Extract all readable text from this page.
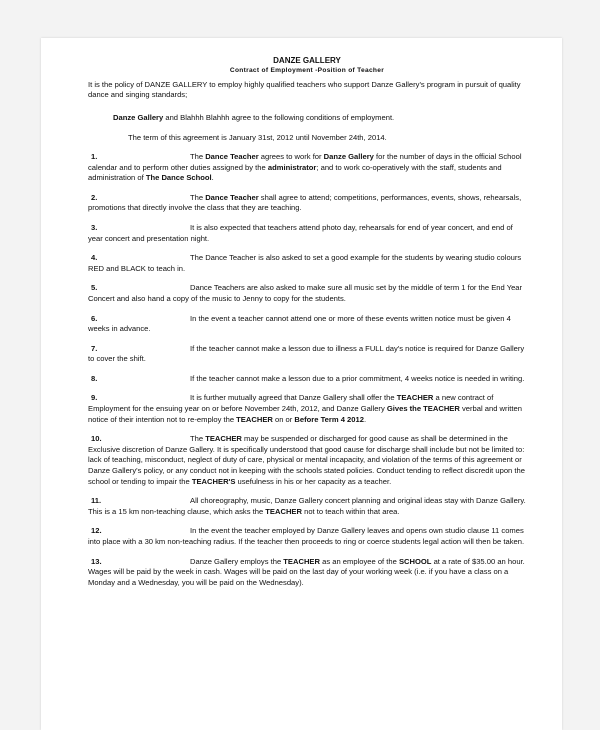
DANZE GALLERY

Contract of Employment -Position of Teacher

It is the policy of DANZE GALLERY to employ highly qualified teachers who support Danze Gallery's program in pursuit of quality dance and singing standards;

Danze Gallery and Blahhh Blahhh agree to the following conditions of employment.

The term of this agreement is January 31st, 2012 until November 24th, 2014.

1.	The Dance Teacher agrees to work for Danze Gallery for the number of days in the official School calendar and to perform other duties assigned by the administrator; and to work co-operatively with the staff, students and administration of The Dance School.

2.	The Dance Teacher shall agree to attend; competitions, performances, events, shows, rehearsals, promotions that directly involve the class that they are teaching.

3.	It is also expected that teachers attend photo day, rehearsals for end of year concert, and end of year concert and presentation night.

4.	The Dance Teacher is also asked to set a good example for the students by wearing studio colours RED and BLACK to teach in.

5.	Dance Teachers are also asked to make sure all music set by the middle of term 1 for the End Year Concert and also hand a copy of the music to Jenny to copy for the students.

6.	In the event a teacher cannot attend one or more of these events written notice must be given 4 weeks in advance.

7.	If the teacher cannot make a lesson due to illness a FULL day's notice is required for Danze Gallery to cover the shift.

8.	If the teacher cannot make a lesson due to a prior commitment, 4 weeks notice is needed in writing.

9.	It is further mutually agreed that Danze Gallery shall offer the TEACHER a new contract of Employment for the ensuing year on or before November 24th, 2012, and Danze Gallery Gives the TEACHER verbal and written notice of their intention not to re-employ the TEACHER on or Before Term 4 2012.

10.	The TEACHER may be suspended or discharged for good cause as shall be determined in the Exclusive discretion of Danze Gallery. It is specifically understood that good cause for discharge shall include but not be limited to: lack of teaching, misconduct, neglect of duty of care, physical or mental incapacity, and violation of the terms of this agreement or Danze Gallery's policy, or any conduct not in keeping with the schools stated policies. Conduct tending to reflect discredit upon the school or tending to impair the TEACHER'S usefulness in his or her capacity as a teacher.

11.	All choreography, music, Danze Gallery concert planning and original ideas stay with Danze Gallery. This is a 15 km non-teaching clause, which asks the TEACHER not to teach within that area.

12.	In the event the teacher employed by Danze Gallery leaves and opens own studio clause 11 comes into place with a 30 km non-teaching radius. If the teacher then proceeds to ring or coerce students legal action will then be taken.

13.	Danze Gallery employs the TEACHER as an employee of the SCHOOL at a rate of $35.00 an hour. Wages will be paid by the week in cash. Wages will be paid on the last day of your working week (i.e. if you have a class on a Monday and a Wednesday, you will be paid on the Wednesday).
